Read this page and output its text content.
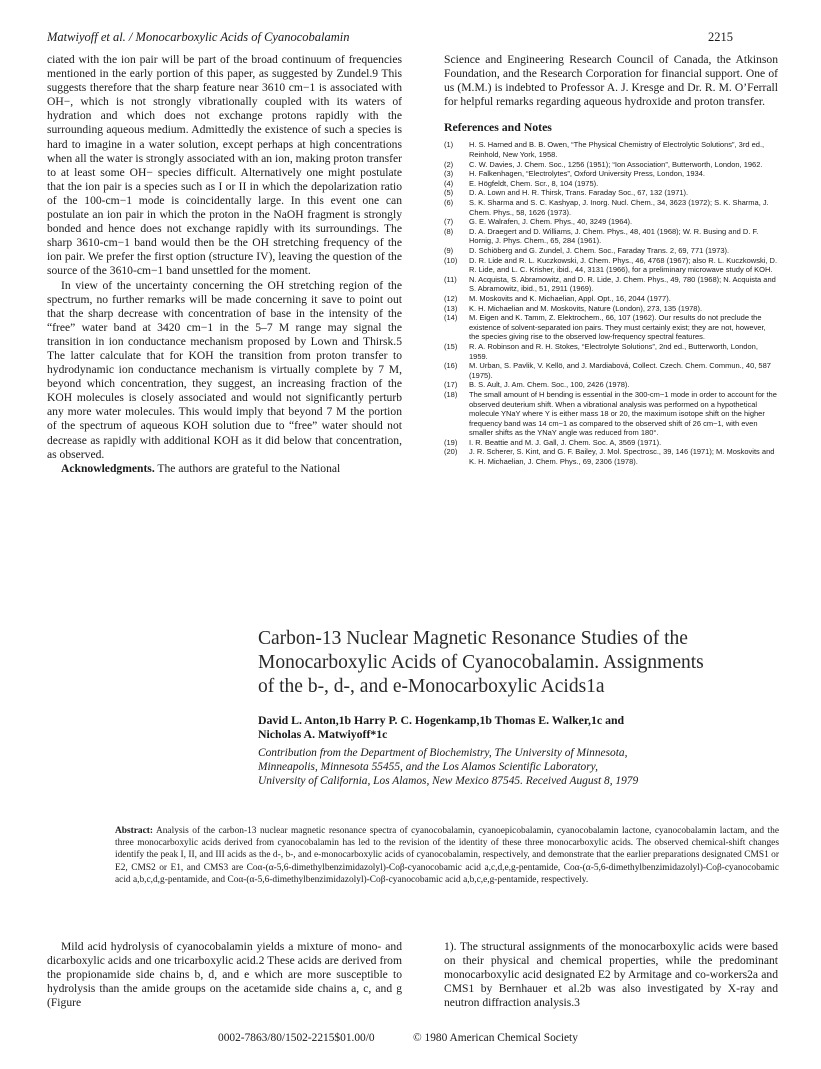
Matwiyoff et al. / Monocarboxylic Acids of Cyanocobalamin	2215

ciated with the ion pair will be part of the broad continuum of frequencies mentioned in the early portion of this paper, as suggested by Zundel.9 This suggests therefore that the sharp feature near 3610 cm−1 is associated with OH−, which is not strongly vibrationally coupled with its waters of hydration and which does not exchange protons rapidly with the surrounding aqueous medium. Admittedly the existence of such a species is hard to imagine in a water solution, except perhaps at high concentrations when all the water is strongly associated with an ion, making proton transfer to at least some OH− species difficult. Alternatively one might postulate that the ion pair is a species such as I or II in which the depolarization ratio of the 100-cm−1 mode is coincidentally large. In this event one can postulate an ion pair in which the proton in the NaOH fragment is strongly bonded and hence does not exchange rapidly with its surroundings. The sharp 3610-cm−1 band would then be the OH stretching frequency of the ion pair. We prefer the first option (structure IV), leaving the question of the source of the 3610-cm−1 band unsettled for the moment.

In view of the uncertainty concerning the OH stretching region of the spectrum, no further remarks will be made concerning it save to point out that the sharp decrease with concentration of base in the intensity of the “free” water band at 3420 cm−1 in the 5–7 M range may signal the transition in ion conductance mechanism proposed by Lown and Thirsk.5 The latter calculate that for KOH the transition from proton transfer to hydrodynamic ion conductance mechanism is virtually complete by 7 M, beyond which concentration, they suggest, an increasing fraction of the KOH molecules is closely associated and would not significantly perturb any more water molecules. This would imply that beyond 7 M the portion of the spectrum of aqueous KOH solution due to “free” water should not decrease as rapidly with additional KOH as it did below that concentration, as observed.

Acknowledgments. The authors are grateful to the National

Science and Engineering Research Council of Canada, the Atkinson Foundation, and the Research Corporation for financial support. One of us (M.M.) is indebted to Professor A. J. Kresge and Dr. R. M. O’Ferrall for helpful remarks regarding aqueous hydroxide and proton transfer.

References and Notes
(1)	H. S. Harned and B. B. Owen, “The Physical Chemistry of Electrolytic Solutions”, 3rd ed., Reinhold, New York, 1958.
(2)	C. W. Davies, J. Chem. Soc., 1256 (1951); “Ion Association”, Butterworth, London, 1962.
(3)	H. Falkenhagen, “Electrolytes”, Oxford University Press, London, 1934.
(4)	E. Högfeldt, Chem. Scr., 8, 104 (1975).
(5)	D. A. Lown and H. R. Thirsk, Trans. Faraday Soc., 67, 132 (1971).
(6)	S. K. Sharma and S. C. Kashyap, J. Inorg. Nucl. Chem., 34, 3623 (1972); S. K. Sharma, J. Chem. Phys., 58, 1626 (1973).
(7)	G. E. Walrafen, J. Chem. Phys., 40, 3249 (1964).
(8)	D. A. Draegert and D. Williams, J. Chem. Phys., 48, 401 (1968); W. R. Busing and D. F. Hornig, J. Phys. Chem., 65, 284 (1961).
(9)	D. Schiöberg and G. Zundel, J. Chem. Soc., Faraday Trans. 2, 69, 771 (1973).
(10)	D. R. Lide and R. L. Kuczkowski, J. Chem. Phys., 46, 4768 (1967); also R. L. Kuczkowski, D. R. Lide, and L. C. Krisher, ibid., 44, 3131 (1966), for a preliminary microwave study of KOH.
(11)	N. Acquista, S. Abramowitz, and D. R. Lide, J. Chem. Phys., 49, 780 (1968); N. Acquista and S. Abramowitz, ibid., 51, 2911 (1969).
(12)	M. Moskovits and K. Michaelian, Appl. Opt., 16, 2044 (1977).
(13)	K. H. Michaelian and M. Moskovits, Nature (London), 273, 135 (1978).
(14)	M. Eigen and K. Tamm, Z. Elektrochem., 66, 107 (1962). Our results do not preclude the existence of solvent-separated ion pairs. They must certainly exist; they are not, however, the species giving rise to the observed low-frequency spectral features.
(15)	R. A. Robinson and R. H. Stokes, “Electrolyte Solutions”, 2nd ed., Butterworth, London, 1959.
(16)	M. Urban, S. Pavlik, V. Kellö, and J. Mardiabová, Collect. Czech. Chem. Commun., 40, 587 (1975).
(17)	B. S. Ault, J. Am. Chem. Soc., 100, 2426 (1978).
(18)	The small amount of H bending is essential in the 300-cm−1 mode in order to account for the observed deuterium shift. When a vibrational analysis was performed on a hypothetical molecule YNaY where Y is either mass 18 or 20, the maximum isotope shift on the higher frequency band was 14 cm−1 as compared to the observed shift of 26 cm−1, with even smaller shifts as the YNaY angle was reduced from 180°.
(19)	I. R. Beattie and M. J. Gall, J. Chem. Soc. A, 3569 (1971).
(20)	J. R. Scherer, S. Kint, and G. F. Bailey, J. Mol. Spectrosc., 39, 146 (1971); M. Moskovits and K. H. Michaelian, J. Chem. Phys., 69, 2306 (1978).
Carbon-13 Nuclear Magnetic Resonance Studies of the
Monocarboxylic Acids of Cyanocobalamin. Assignments
of the b-, d-, and e-Monocarboxylic Acids1a
David L. Anton,1b Harry P. C. Hogenkamp,1b Thomas E. Walker,1c and
Nicholas A. Matwiyoff*1c
Contribution from the Department of Biochemistry, The University of Minnesota,
Minneapolis, Minnesota 55455, and the Los Alamos Scientific Laboratory,
University of California, Los Alamos, New Mexico 87545. Received August 8, 1979
Abstract: Analysis of the carbon-13 nuclear magnetic resonance spectra of cyanocobalamin, cyanoepicobalamin, cyanocobalamin lactone, cyanocobalamin lactam, and the three monocarboxylic acids derived from cyanocobalamin has led to the revision of the identity of these three monocarboxylic acids. The observed chemical-shift changes identify the peak I, II, and III acids as the d-, b-, and e-monocarboxylic acids of cyanocobalamin, respectively, and demonstrate that the earlier preparations designated CMS1 or E2, CMS2 or E1, and CMS3 are Coα-(α-5,6-dimethylbenzimidazolyl)-Coβ-cyanocobamic acid a,c,d,e,g-pentamide, Coα-(α-5,6-dimethylbenzimidazolyl)-Coβ-cyanocobamic acid a,b,c,d,g-pentamide, and Coα-(α-5,6-dimethylbenzimidazolyl)-Coβ-cyanocobamic acid a,b,c,e,g-pentamide, respectively.

Mild acid hydrolysis of cyanocobalamin yields a mixture of mono- and dicarboxylic acids and one tricarboxylic acid.2 These acids are derived from the propionamide side chains b, d, and e which are more susceptible to hydrolysis than the amide groups on the acetamide side chains a, c, and g (Figure

1). The structural assignments of the monocarboxylic acids were based on their physical and chemical properties, while the predominant monocarboxylic acid designated E2 by Armitage and co-workers2a and CMS1 by Bernhauer et al.2b was also investigated by X-ray and neutron diffraction analysis.3

0002-7863/80/1502-2215$01.00/0	© 1980 American Chemical Society
